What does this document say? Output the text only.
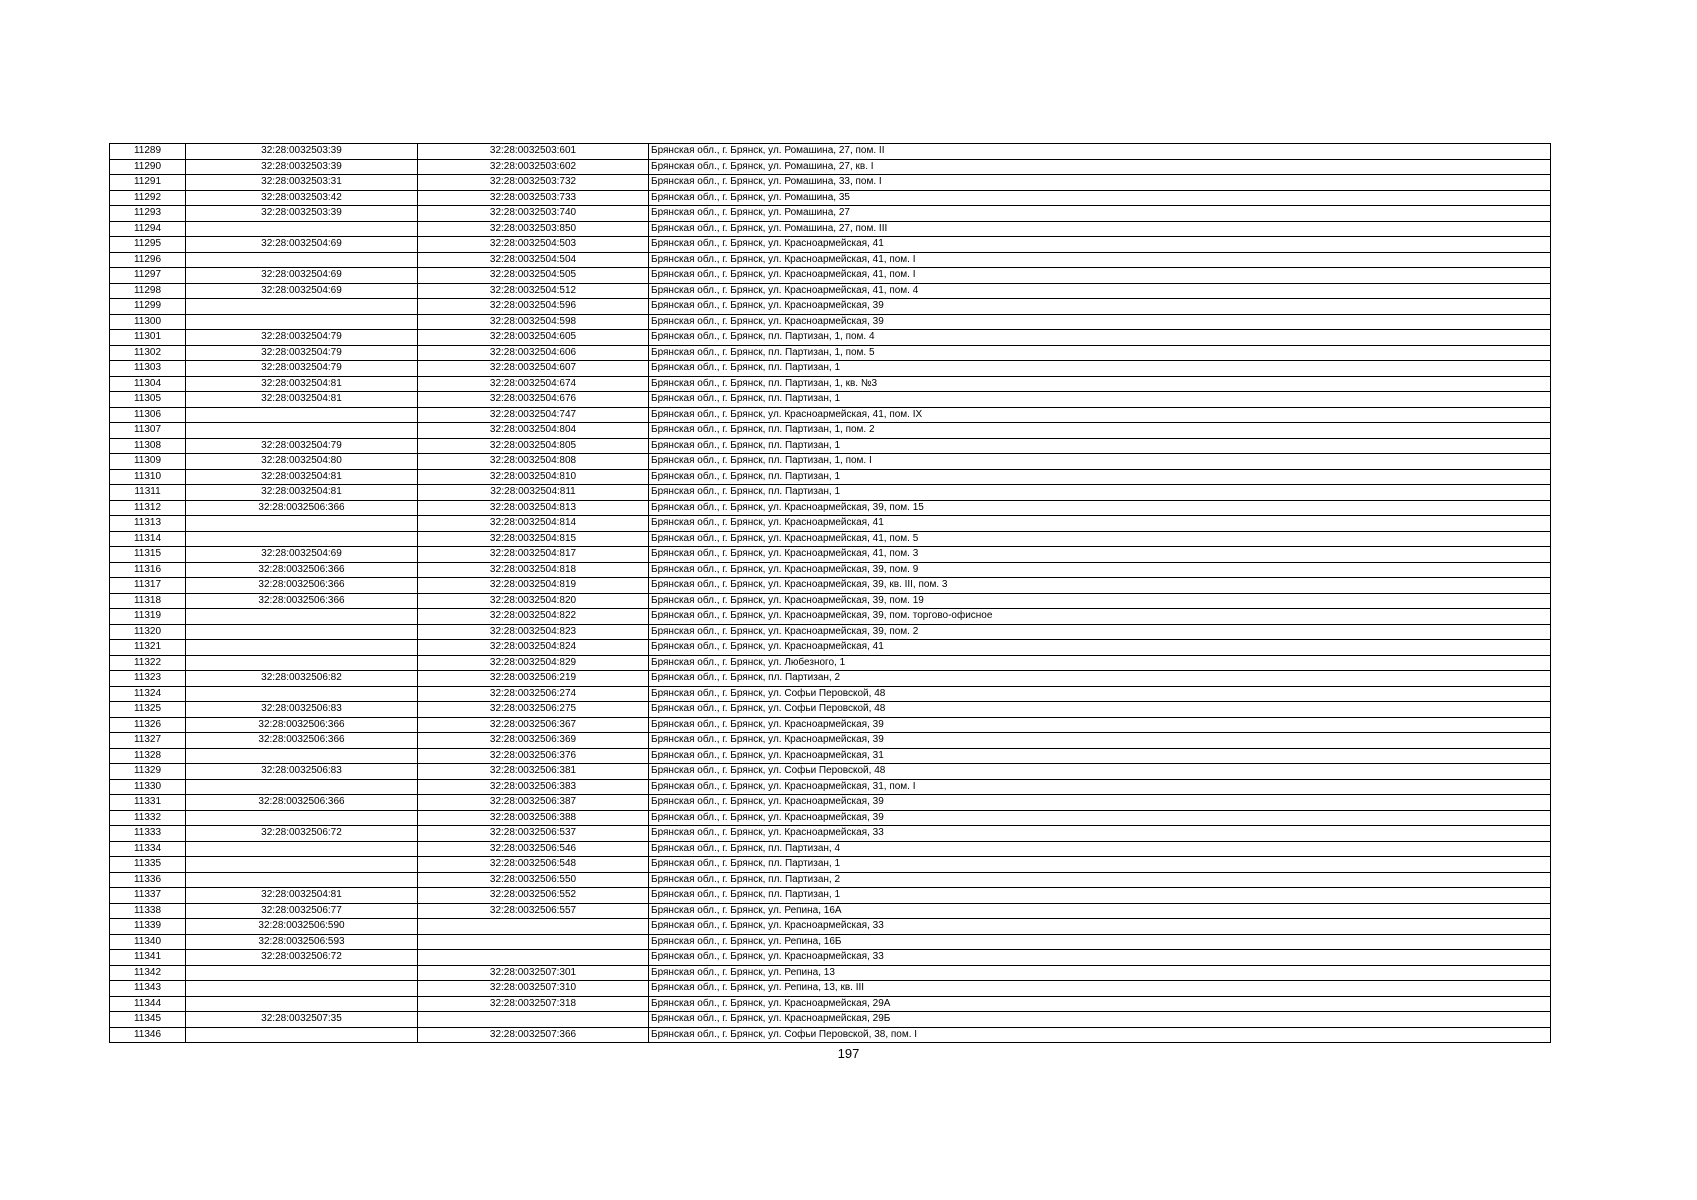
11289	32:28:0032503:39	32:28:0032503:601	Брянская обл., г. Брянск, ул. Ромашина, 27, пом. II
11290	32:28:0032503:39	32:28:0032503:602	Брянская обл., г. Брянск, ул. Ромашина, 27, кв. I
11291	32:28:0032503:31	32:28:0032503:732	Брянская обл., г. Брянск, ул. Ромашина, 33, пом. I
11292	32:28:0032503:42	32:28:0032503:733	Брянская обл., г. Брянск, ул. Ромашина, 35
11293	32:28:0032503:39	32:28:0032503:740	Брянская обл., г. Брянск, ул. Ромашина, 27
11294		32:28:0032503:850	Брянская обл., г. Брянск, ул. Ромашина, 27, пом. III
11295	32:28:0032504:69	32:28:0032504:503	Брянская обл., г. Брянск, ул. Красноармейская, 41
11296		32:28:0032504:504	Брянская обл., г. Брянск, ул. Красноармейская, 41, пом. I
11297	32:28:0032504:69	32:28:0032504:505	Брянская обл., г. Брянск, ул. Красноармейская, 41, пом. I
11298	32:28:0032504:69	32:28:0032504:512	Брянская обл., г. Брянск, ул. Красноармейская, 41, пом. 4
11299		32:28:0032504:596	Брянская обл., г. Брянск, ул. Красноармейская, 39
11300		32:28:0032504:598	Брянская обл., г. Брянск, ул. Красноармейская, 39
11301	32:28:0032504:79	32:28:0032504:605	Брянская обл., г. Брянск, пл. Партизан, 1, пом. 4
11302	32:28:0032504:79	32:28:0032504:606	Брянская обл., г. Брянск, пл. Партизан, 1, пом. 5
11303	32:28:0032504:79	32:28:0032504:607	Брянская обл., г. Брянск, пл. Партизан, 1
11304	32:28:0032504:81	32:28:0032504:674	Брянская обл., г. Брянск, пл. Партизан, 1, кв. №3
11305	32:28:0032504:81	32:28:0032504:676	Брянская обл., г. Брянск, пл. Партизан, 1
11306		32:28:0032504:747	Брянская обл., г. Брянск, ул. Красноармейская, 41, пом. IX
11307		32:28:0032504:804	Брянская обл., г. Брянск, пл. Партизан, 1, пом. 2
11308	32:28:0032504:79	32:28:0032504:805	Брянская обл., г. Брянск, пл. Партизан, 1
11309	32:28:0032504:80	32:28:0032504:808	Брянская обл., г. Брянск, пл. Партизан, 1, пом. I
11310	32:28:0032504:81	32:28:0032504:810	Брянская обл., г. Брянск, пл. Партизан, 1
11311	32:28:0032504:81	32:28:0032504:811	Брянская обл., г. Брянск, пл. Партизан, 1
11312	32:28:0032506:366	32:28:0032504:813	Брянская обл., г. Брянск, ул. Красноармейская, 39, пом. 15
11313		32:28:0032504:814	Брянская обл., г. Брянск, ул. Красноармейская, 41
11314		32:28:0032504:815	Брянская обл., г. Брянск, ул. Красноармейская, 41, пом. 5
11315	32:28:0032504:69	32:28:0032504:817	Брянская обл., г. Брянск, ул. Красноармейская, 41, пом. 3
11316	32:28:0032506:366	32:28:0032504:818	Брянская обл., г. Брянск, ул. Красноармейская, 39, пом. 9
11317	32:28:0032506:366	32:28:0032504:819	Брянская обл., г. Брянск, ул. Красноармейская, 39, кв. III, пом. 3
11318	32:28:0032506:366	32:28:0032504:820	Брянская обл., г. Брянск, ул. Красноармейская, 39, пом. 19
11319		32:28:0032504:822	Брянская обл., г. Брянск, ул. Красноармейская, 39, пом. торгово-офисное
11320		32:28:0032504:823	Брянская обл., г. Брянск, ул. Красноармейская, 39, пом. 2
11321		32:28:0032504:824	Брянская обл., г. Брянск, ул. Красноармейская, 41
11322		32:28:0032504:829	Брянская обл., г. Брянск, ул. Любезного, 1
11323	32:28:0032506:82	32:28:0032506:219	Брянская обл., г. Брянск, пл. Партизан, 2
11324		32:28:0032506:274	Брянская обл., г. Брянск, ул. Софьи Перовской, 48
11325	32:28:0032506:83	32:28:0032506:275	Брянская обл., г. Брянск, ул. Софьи Перовской, 48
11326	32:28:0032506:366	32:28:0032506:367	Брянская обл., г. Брянск, ул. Красноармейская, 39
11327	32:28:0032506:366	32:28:0032506:369	Брянская обл., г. Брянск, ул. Красноармейская, 39
11328		32:28:0032506:376	Брянская обл., г. Брянск, ул. Красноармейская, 31
11329	32:28:0032506:83	32:28:0032506:381	Брянская обл., г. Брянск, ул. Софьи Перовской, 48
11330		32:28:0032506:383	Брянская обл., г. Брянск, ул. Красноармейская, 31, пом. I
11331	32:28:0032506:366	32:28:0032506:387	Брянская обл., г. Брянск, ул. Красноармейская, 39
11332		32:28:0032506:388	Брянская обл., г. Брянск, ул. Красноармейская, 39
11333	32:28:0032506:72	32:28:0032506:537	Брянская обл., г. Брянск, ул. Красноармейская, 33
11334		32:28:0032506:546	Брянская обл., г. Брянск, пл. Партизан, 4
11335		32:28:0032506:548	Брянская обл., г. Брянск, пл. Партизан, 1
11336		32:28:0032506:550	Брянская обл., г. Брянск, пл. Партизан, 2
11337	32:28:0032504:81	32:28:0032506:552	Брянская обл., г. Брянск, пл. Партизан, 1
11338	32:28:0032506:77	32:28:0032506:557	Брянская обл., г. Брянск, ул. Репина, 16А
11339	32:28:0032506:590		Брянская обл., г. Брянск, ул. Красноармейская, 33
11340	32:28:0032506:593		Брянская обл., г. Брянск, ул. Репина, 16Б
11341	32:28:0032506:72		Брянская обл., г. Брянск, ул. Красноармейская, 33
11342		32:28:0032507:301	Брянская обл., г. Брянск, ул. Репина, 13
11343		32:28:0032507:310	Брянская обл., г. Брянск, ул. Репина, 13, кв. III
11344		32:28:0032507:318	Брянская обл., г. Брянск, ул. Красноармейская, 29А
11345	32:28:0032507:35		Брянская обл., г. Брянск, ул. Красноармейская, 29Б
11346		32:28:0032507:366	Брянская обл., г. Брянск, ул. Софьи Перовской, 38, пом. I
197
